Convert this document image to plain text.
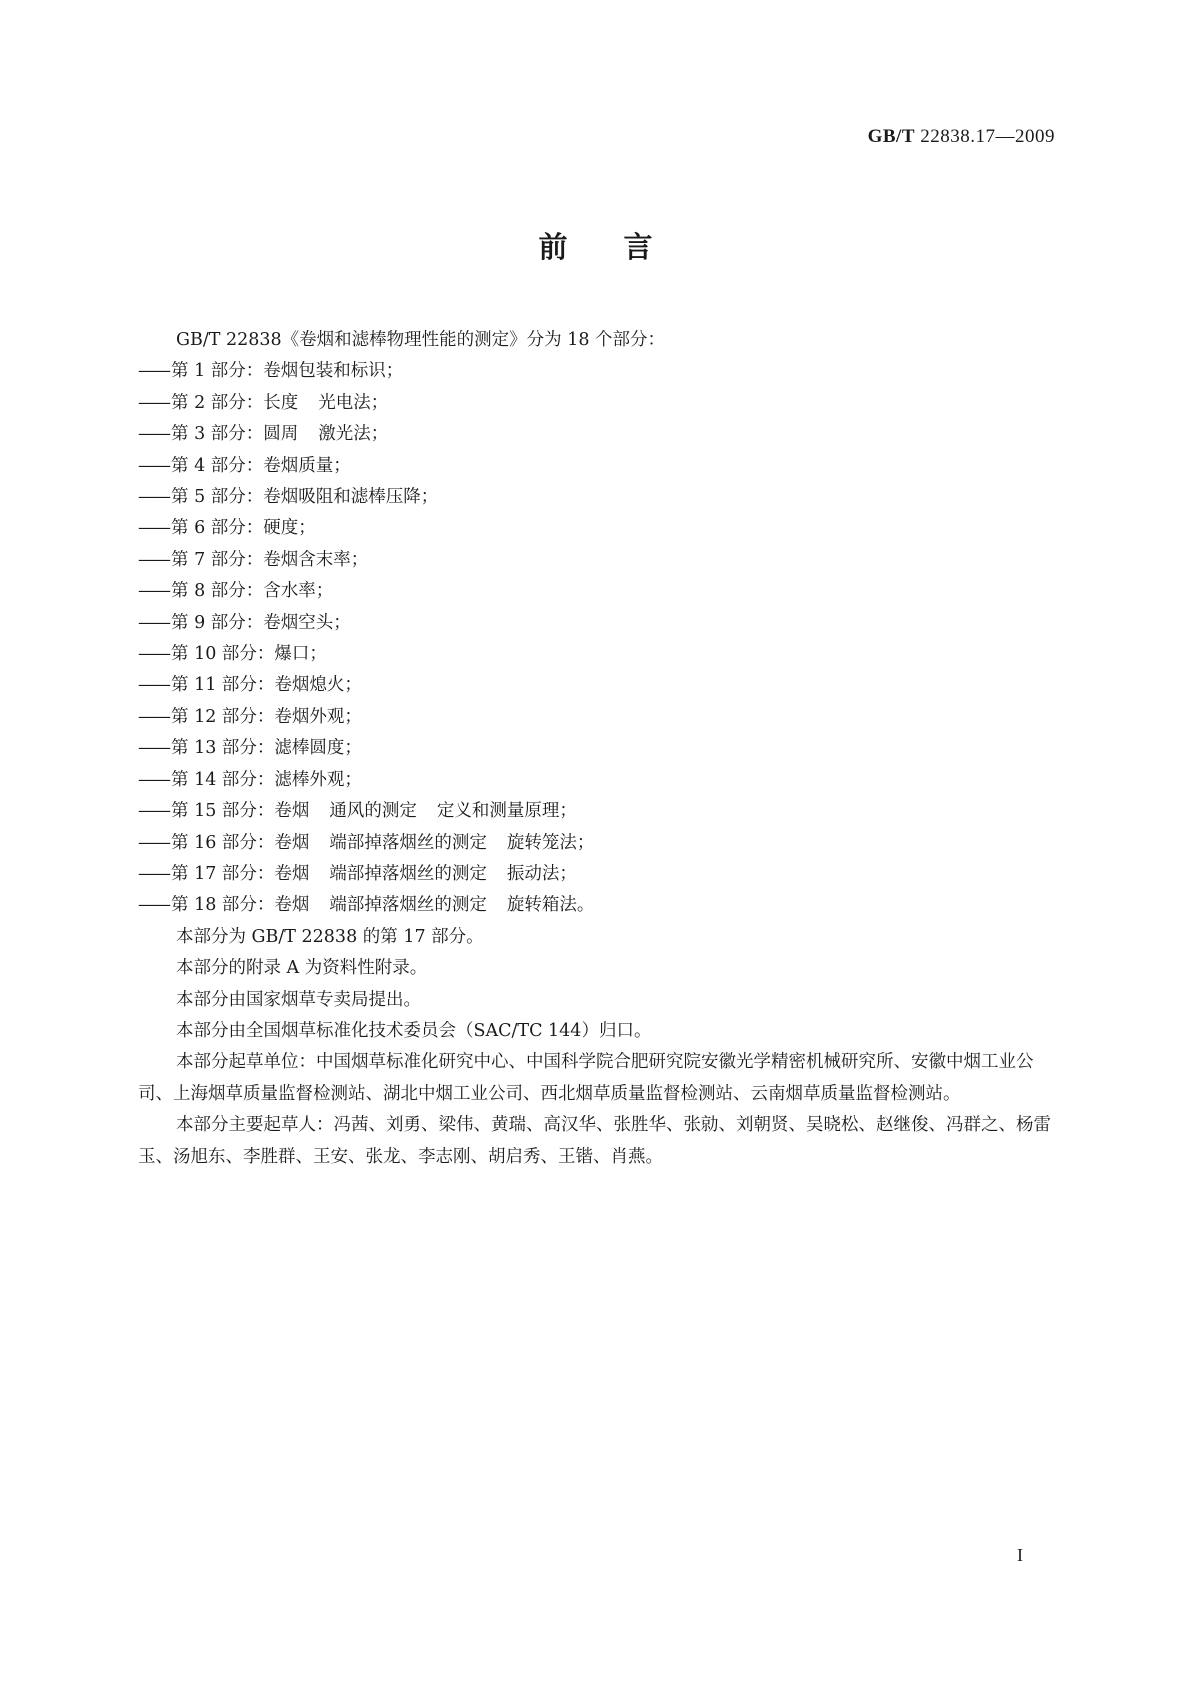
GB/T 22838.17—2009
前言

GB/T 22838《卷烟和滤棒物理性能的测定》分为 18 个部分：

—— 第 1 部分：卷烟包装和标识；

—— 第 2 部分：长度 光电法；

—— 第 3 部分：圆周 激光法；

—— 第 4 部分：卷烟质量；

—— 第 5 部分：卷烟吸阻和滤棒压降；

—— 第 6 部分：硬度；

—— 第 7 部分：卷烟含末率；

—— 第 8 部分：含水率；

—— 第 9 部分：卷烟空头；

—— 第 10 部分：爆口；

—— 第 11 部分：卷烟熄火；

—— 第 12 部分：卷烟外观；

—— 第 13 部分：滤棒圆度；

—— 第 14 部分：滤棒外观；

—— 第 15 部分：卷烟 通风的测定 定义和测量原理；

—— 第 16 部分：卷烟 端部掉落烟丝的测定 旋转笼法；

—— 第 17 部分：卷烟 端部掉落烟丝的测定 振动法；

—— 第 18 部分：卷烟 端部掉落烟丝的测定 旋转箱法。

本部分为 GB/T 22838 的第 17 部分。

本部分的附录 A 为资料性附录。

本部分由国家烟草专卖局提出。

本部分由全国烟草标准化技术委员会（SAC/TC 144）归口。

本部分起草单位：中国烟草标准化研究中心、中国科学院合肥研究院安徽光学精密机械研究所、安徽中烟工业公司、上海烟草质量监督检测站、湖北中烟工业公司、西北烟草质量监督检测站、云南烟草质量监督检测站。

本部分主要起草人：冯茜、刘勇、梁伟、黄瑞、高汉华、张胜华、张勍、刘朝贤、吴晓松、赵继俊、冯群之、杨雷玉、汤旭东、李胜群、王安、张龙、李志刚、胡启秀、王锴、肖燕。

I
